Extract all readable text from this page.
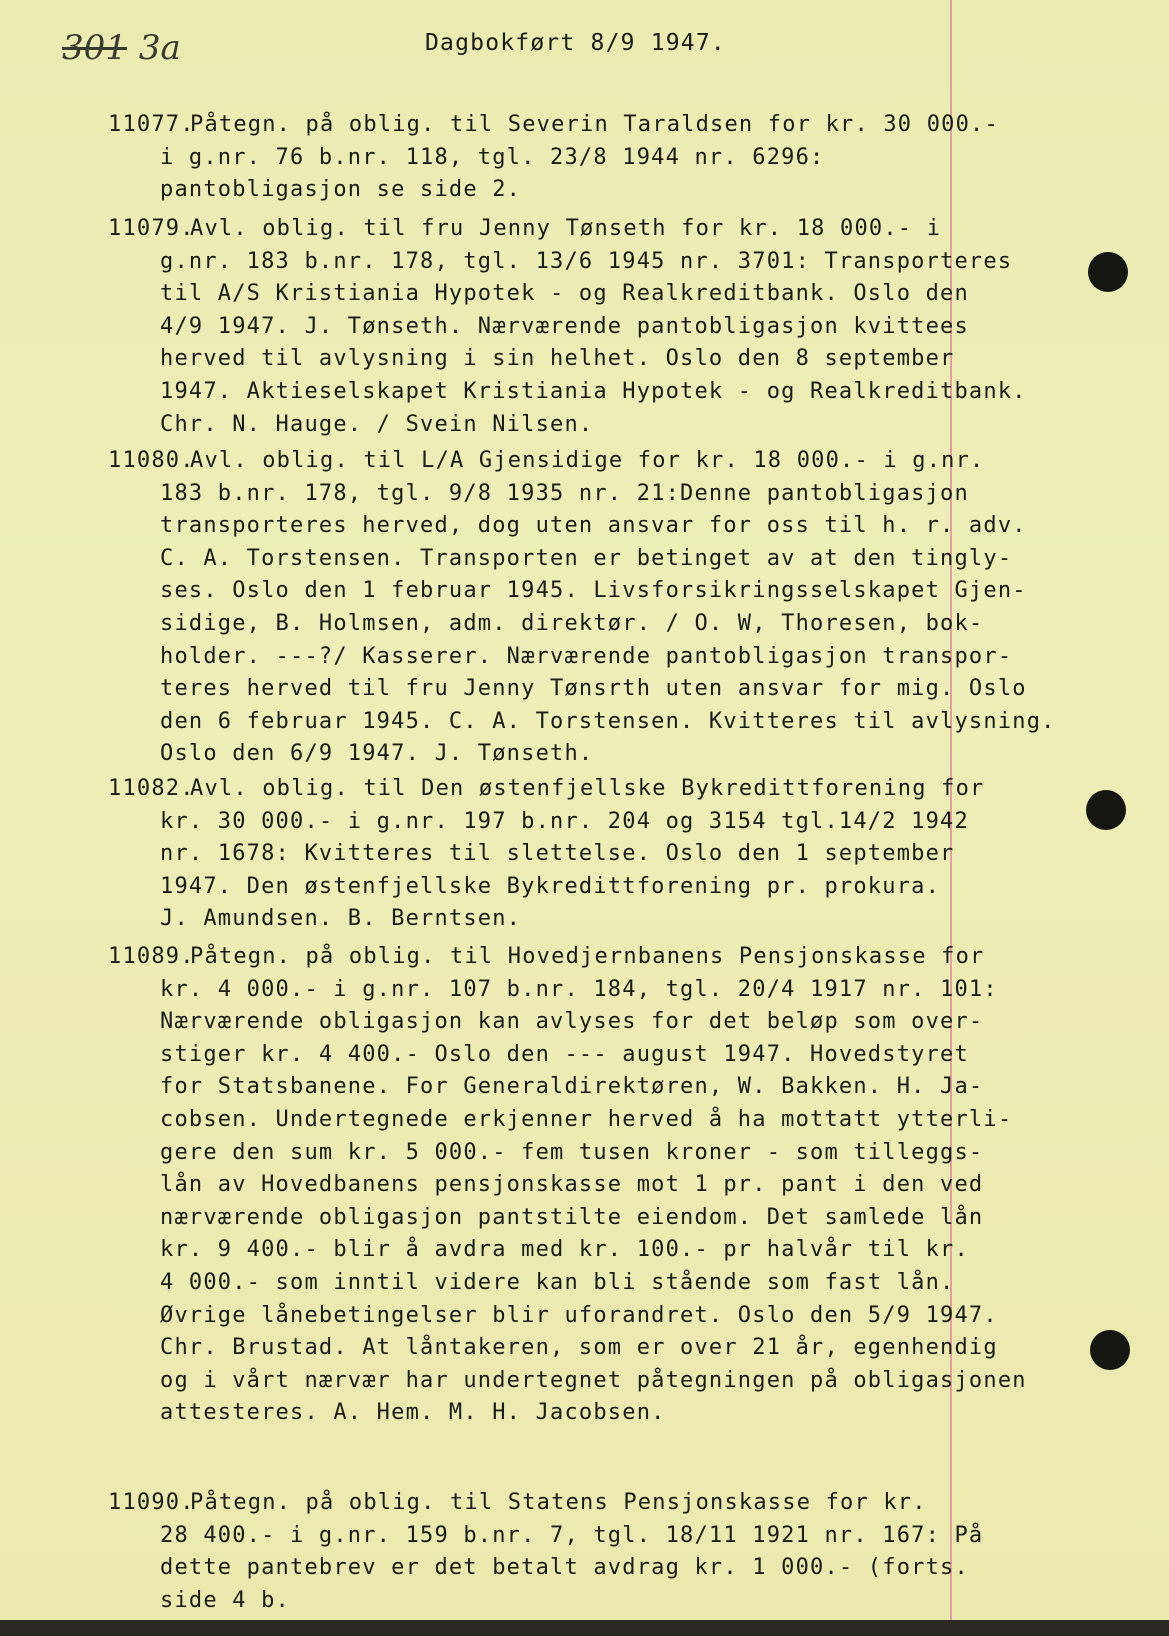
301 3a	Dagbokført 8/9 1947.
11077.
Påtegn. på oblig. til Severin Taraldsen for kr. 30 000.-
i g.nr. 76 b.nr. 118, tgl. 23/8 1944 nr. 6296:
pantobligasjon se side 2.
11079.
Avl. oblig. til fru Jenny Tønseth for kr. 18 000.- i
g.nr. 183 b.nr. 178, tgl. 13/6 1945 nr. 3701: Transporteres
til A/S Kristiania Hypotek - og Realkreditbank. Oslo den
4/9 1947. J. Tønseth. Nærværende pantobligasjon kvittees
herved til avlysning i sin helhet. Oslo den 8 september
1947. Aktieselskapet Kristiania Hypotek - og Realkreditbank.
Chr. N. Hauge. / Svein Nilsen.
11080.
Avl. oblig. til L/A Gjensidige for kr. 18 000.- i g.nr.
183 b.nr. 178, tgl. 9/8 1935 nr. 21:Denne pantobligasjon
transporteres herved, dog uten ansvar for oss til h. r. adv.
C. A. Torstensen. Transporten er betinget av at den tingly-
ses. Oslo den 1 februar 1945. Livsforsikringsselskapet Gjen-
sidige, B. Holmsen, adm. direktør. / O. W, Thoresen, bok-
holder. ---?/ Kasserer. Nærværende pantobligasjon transpor-
teres herved til fru Jenny Tønsrth uten ansvar for mig. Oslo
den 6 februar 1945. C. A. Torstensen. Kvitteres til avlysning.
Oslo den 6/9 1947. J. Tønseth.
11082.
Avl. oblig. til Den østenfjellske Bykredittforening for
kr. 30 000.- i g.nr. 197 b.nr. 204 og 3154 tgl.14/2 1942
nr. 1678: Kvitteres til slettelse. Oslo den 1 september
1947. Den østenfjellske Bykredittforening pr. prokura.
J. Amundsen. B. Berntsen.
11089.
Påtegn. på oblig. til Hovedjernbanens Pensjonskasse for
kr. 4 000.- i g.nr. 107 b.nr. 184, tgl. 20/4 1917 nr. 101:
Nærværende obligasjon kan avlyses for det beløp som over-
stiger kr. 4 400.- Oslo den --- august 1947. Hovedstyret
for Statsbanene. For Generaldirektøren, W. Bakken. H. Ja-
cobsen. Undertegnede erkjenner herved å ha mottatt ytterli-
gere den sum kr. 5 000.- fem tusen kroner - som tilleggs-
lån av Hovedbanens pensjonskasse mot 1 pr. pant i den ved
nærværende obligasjon pantstilte eiendom. Det samlede lån
kr. 9 400.- blir å avdra med kr. 100.- pr halvår til kr.
4 000.- som inntil videre kan bli stående som fast lån.
Øvrige lånebetingelser blir uforandret. Oslo den 5/9 1947.
Chr. Brustad. At låntakeren, som er over 21 år, egenhendig
og i vårt nærvær har undertegnet påtegningen på obligasjonen
attesteres. A. Hem. M. H. Jacobsen.
11090.
Påtegn. på oblig. til Statens Pensjonskasse for kr.
28 400.- i g.nr. 159 b.nr. 7, tgl. 18/11 1921 nr. 167: På
dette pantebrev er det betalt avdrag kr. 1 000.- (forts.
side 4 b.
